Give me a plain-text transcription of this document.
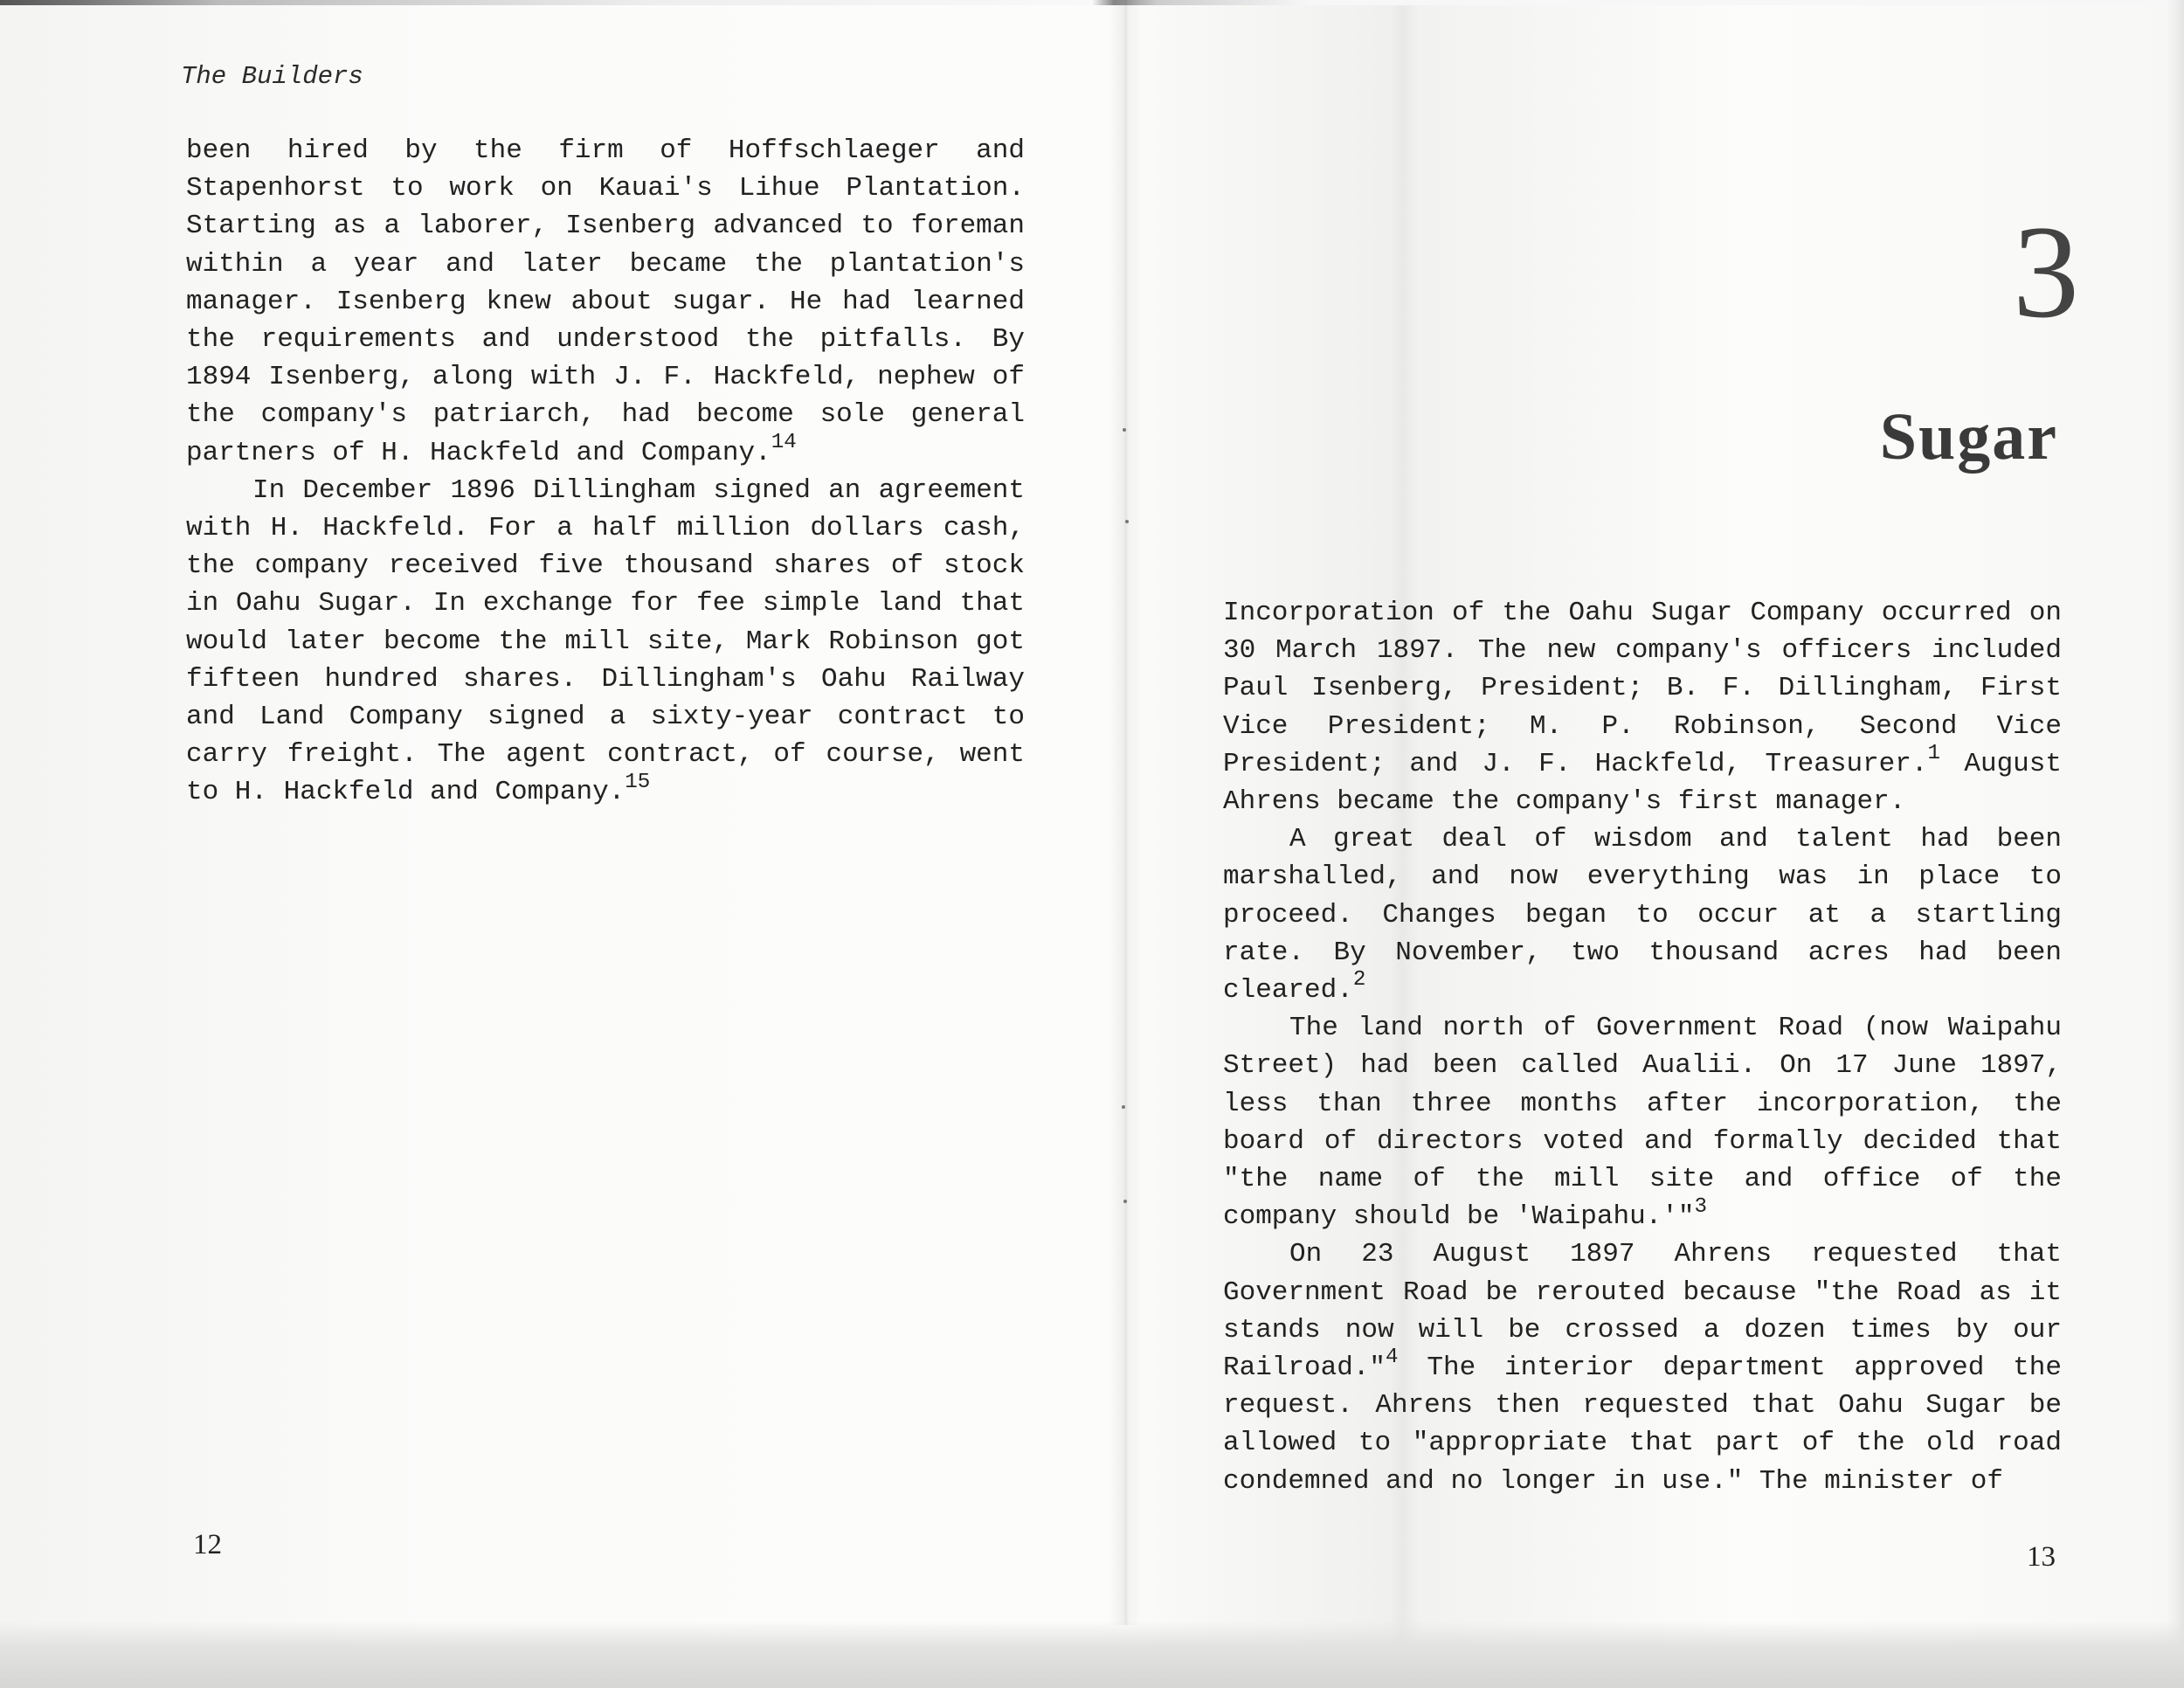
The Builders

been hired by the firm of Hoffschlaeger and Stapenhorst to work on Kauai's Lihue Plantation. Starting as a laborer, Isenberg advanced to foreman within a year and later became the plantation's manager. Isenberg knew about sugar. He had learned the requirements and understood the pitfalls. By 1894 Isenberg, along with J. F. Hackfeld, nephew of the company's patriarch, had become sole general partners of H. Hackfeld and Company.$^{14}$

In December 1896 Dillingham signed an agreement with H. Hackfeld. For a half million dollars cash, the company received five thousand shares of stock in Oahu Sugar. In exchange for fee simple land that would later become the mill site, Mark Robinson got fifteen hundred shares. Dillingham's Oahu Railway and Land Company signed a sixty-year contract to carry freight. The agent contract, of course, went to H. Hackfeld and Company.$^{15}$

12
3
Sugar

Incorporation of the Oahu Sugar Company occurred on 30 March 1897. The new company's officers included Paul Isenberg, President; B. F. Dillingham, First Vice President; M. P. Robinson, Second Vice President; and J. F. Hackfeld, Treasurer.$^1$ August Ahrens became the company's first manager.

A great deal of wisdom and talent had been marshalled, and now everything was in place to proceed. Changes began to occur at a startling rate. By November, two thousand acres had been cleared.$^2$

The land north of Government Road (now Waipahu Street) had been called Aualii. On 17 June 1897, less than three months after incorporation, the board of directors voted and formally decided that "the name of the mill site and office of the company should be 'Waipahu.'"$^3$

On 23 August 1897 Ahrens requested that Government Road be rerouted because "the Road as it stands now will be crossed a dozen times by our Railroad."$^4$ The interior department approved the request. Ahrens then requested that Oahu Sugar be allowed to "appropriate that part of the old road condemned and no longer in use." The minister of

13
